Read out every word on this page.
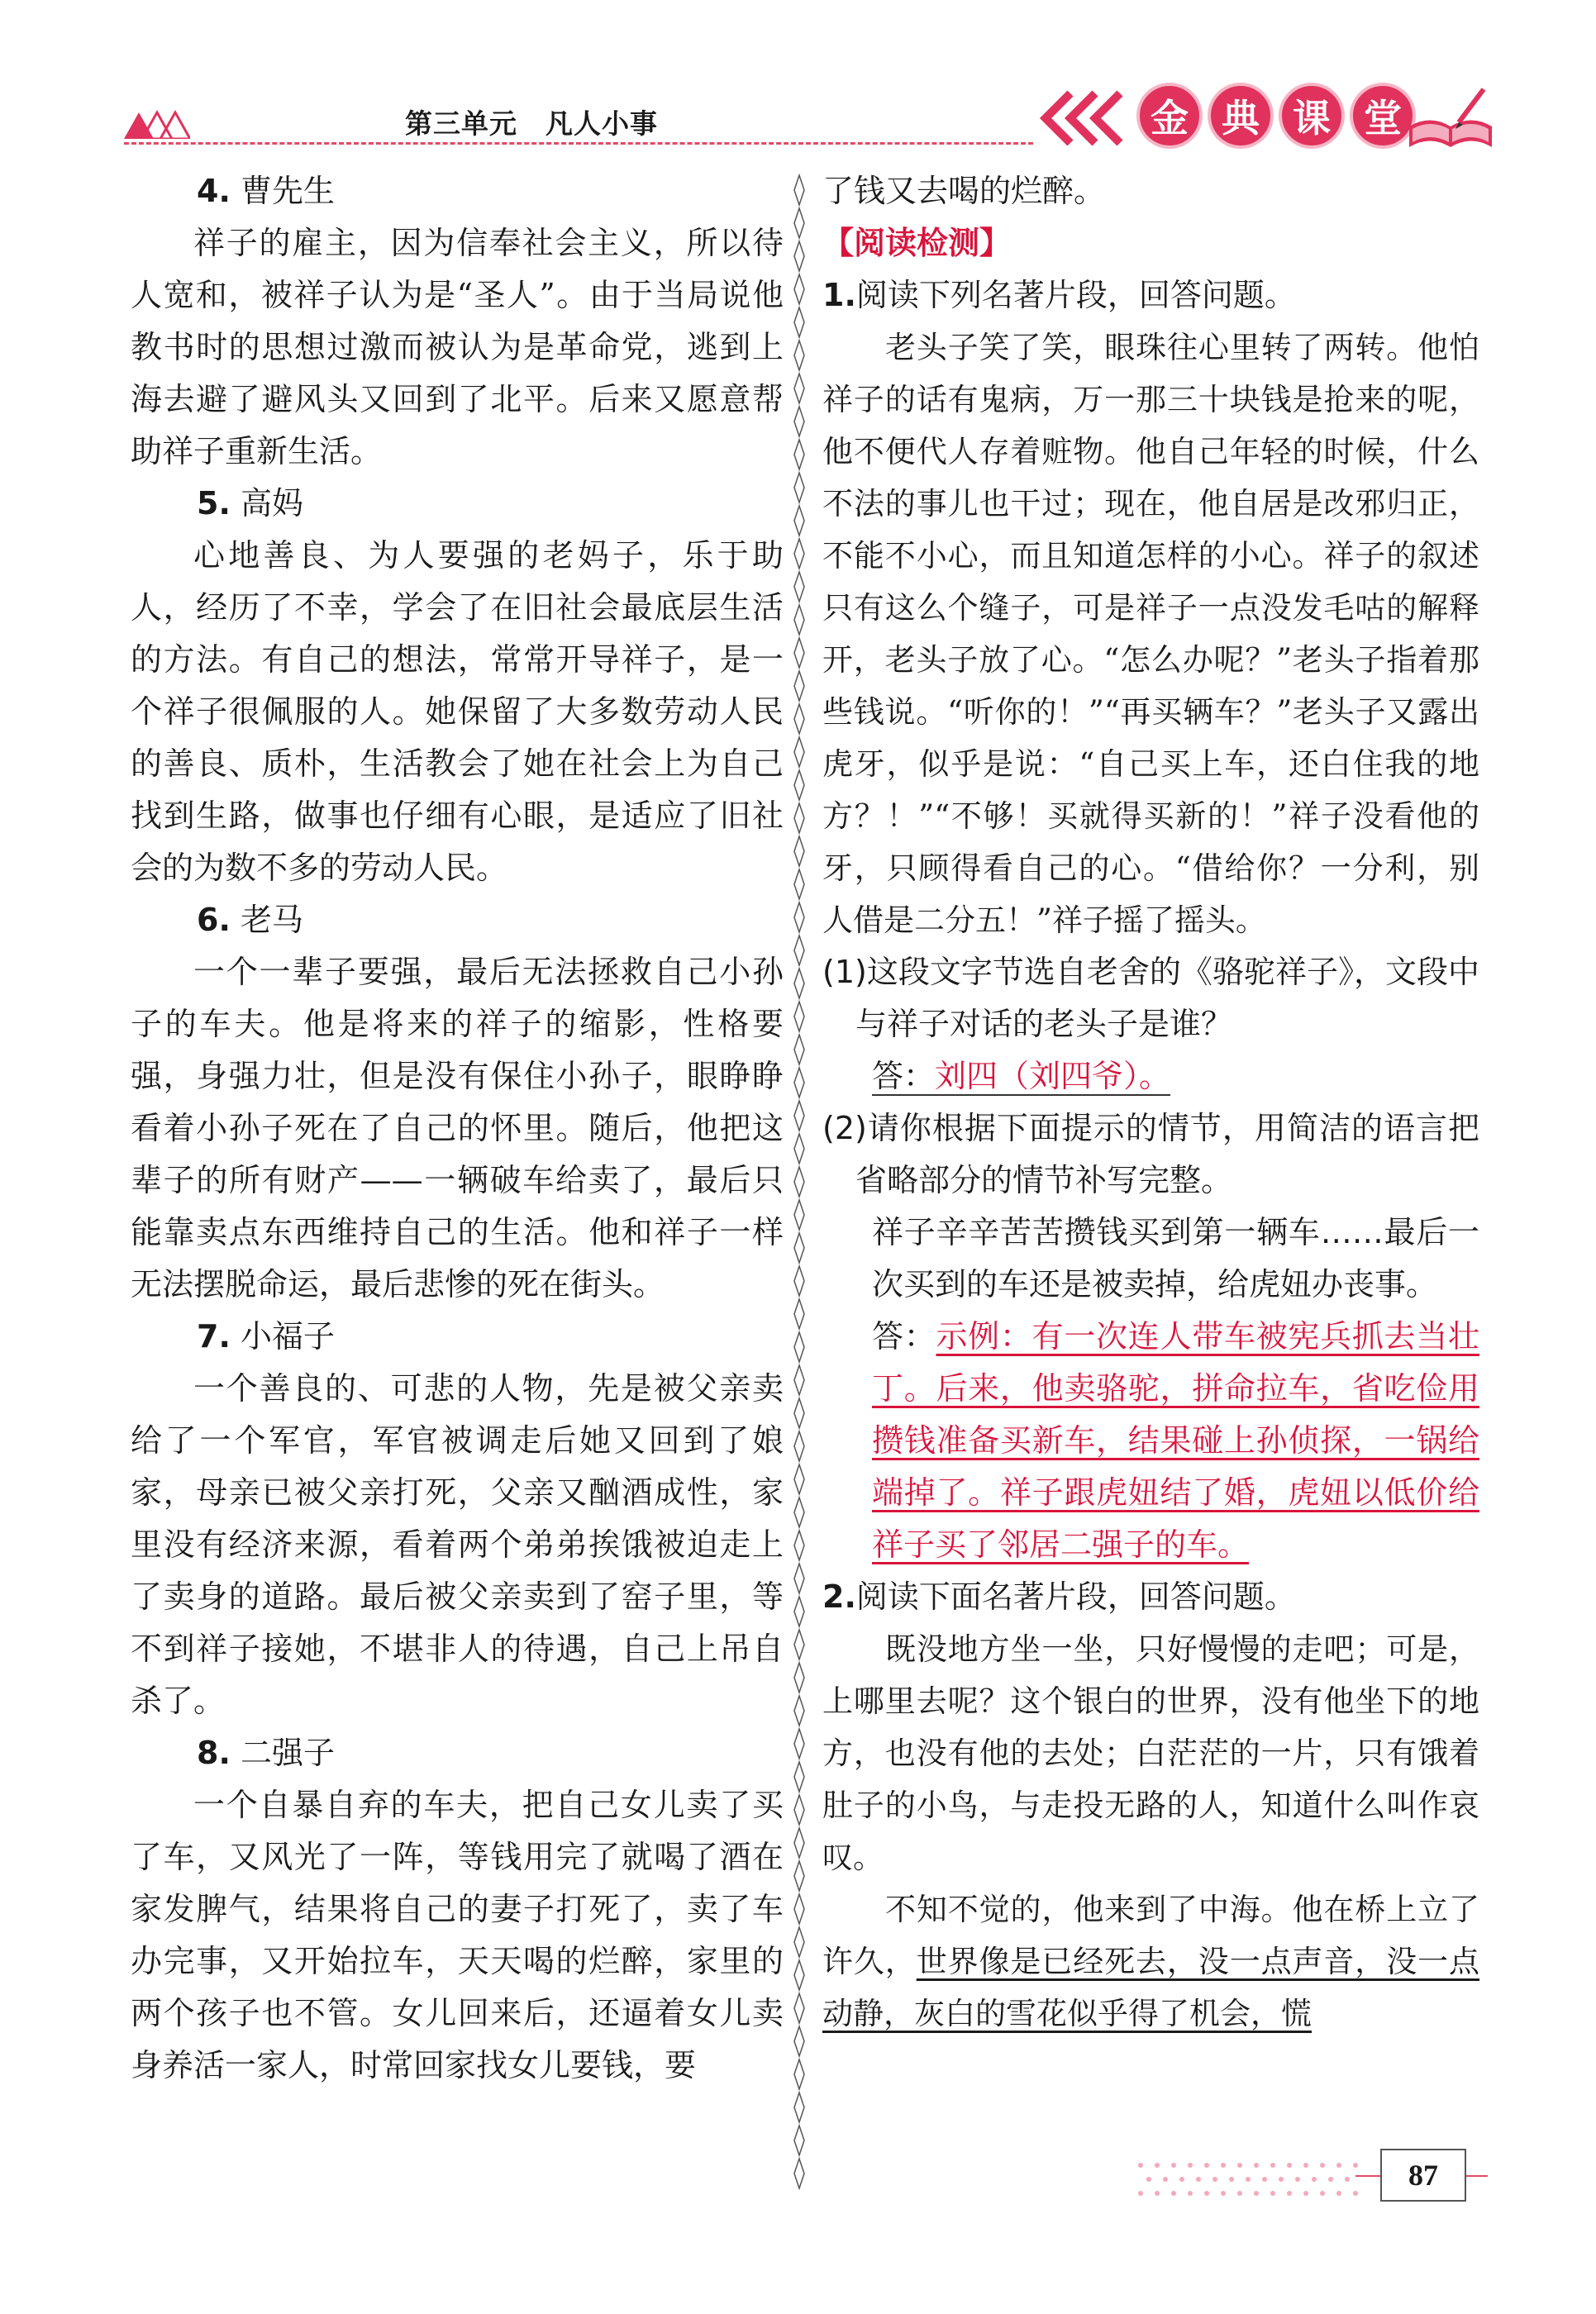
第三单元　凡人小事	金 典 课 堂

4. 曹先生

祥子的雇主，因为信奉社会主义，所以待人宽和，被祥子认为是“圣人”。由于当局说他教书时的思想过激而被认为是革命党，逃到上海去避了避风头又回到了北平。后来又愿意帮助祥子重新生活。

5. 高妈

心地善良、为人要强的老妈子，乐于助人，经历了不幸，学会了在旧社会最底层生活的方法。有自己的想法，常常开导祥子，是一个祥子很佩服的人。她保留了大多数劳动人民的善良、质朴，生活教会了她在社会上为自己找到生路，做事也仔细有心眼，是适应了旧社会的为数不多的劳动人民。

6. 老马

一个一辈子要强，最后无法拯救自己小孙子的车夫。他是将来的祥子的缩影，性格要强，身强力壮，但是没有保住小孙子，眼睁睁看着小孙子死在了自己的怀里。随后，他把这辈子的所有财产——一辆破车给卖了，最后只能靠卖点东西维持自己的生活。他和祥子一样无法摆脱命运，最后悲惨的死在街头。

7. 小福子

一个善良的、可悲的人物，先是被父亲卖给了一个军官，军官被调走后她又回到了娘家，母亲已被父亲打死，父亲又酗酒成性，家里没有经济来源，看着两个弟弟挨饿被迫走上了卖身的道路。最后被父亲卖到了窑子里，等不到祥子接她，不堪非人的待遇，自己上吊自杀了。

8. 二强子

一个自暴自弃的车夫，把自己女儿卖了买了车，又风光了一阵，等钱用完了就喝了酒在家发脾气，结果将自己的妻子打死了，卖了车办完事，又开始拉车，天天喝的烂醉，家里的两个孩子也不管。女儿回来后，还逼着女儿卖身养活一家人，时常回家找女儿要钱，要

了钱又去喝的烂醉。

【阅读检测】

1.阅读下列名著片段，回答问题。

老头子笑了笑，眼珠往心里转了两转。他怕祥子的话有鬼病，万一那三十块钱是抢来的呢，他不便代人存着赃物。他自己年轻的时候，什么不法的事儿也干过；现在，他自居是改邪归正，不能不小心，而且知道怎样的小心。祥子的叙述只有这么个缝子，可是祥子一点没发毛咕的解释开，老头子放了心。“怎么办呢？”老头子指着那些钱说。“听你的！”“再买辆车？”老头子又露出虎牙，似乎是说：“自己买上车，还白住我的地方？！”“不够！买就得买新的！”祥子没看他的牙，只顾得看自己的心。“借给你？一分利，别人借是二分五！”祥子摇了摇头。

(1)这段文字节选自老舍的《骆驼祥子》，文段中与祥子对话的老头子是谁？

答：刘四（刘四爷）。

(2)请你根据下面提示的情节，用简洁的语言把省略部分的情节补写完整。

祥子辛辛苦苦攒钱买到第一辆车……最后一次买到的车还是被卖掉，给虎妞办丧事。

答：示例：有一次连人带车被宪兵抓去当壮丁。后来，他卖骆驼，拼命拉车，省吃俭用攒钱准备买新车，结果碰上孙侦探，一锅给端掉了。祥子跟虎妞结了婚，虎妞以低价给祥子买了邻居二强子的车。

2.阅读下面名著片段，回答问题。

既没地方坐一坐，只好慢慢的走吧；可是，上哪里去呢？这个银白的世界，没有他坐下的地方，也没有他的去处；白茫茫的一片，只有饿着肚子的小鸟，与走投无路的人，知道什么叫作哀叹。

不知不觉的，他来到了中海。他在桥上立了许久，世界像是已经死去，没一点声音，没一点动静，灰白的雪花似乎得了机会，慌

87
